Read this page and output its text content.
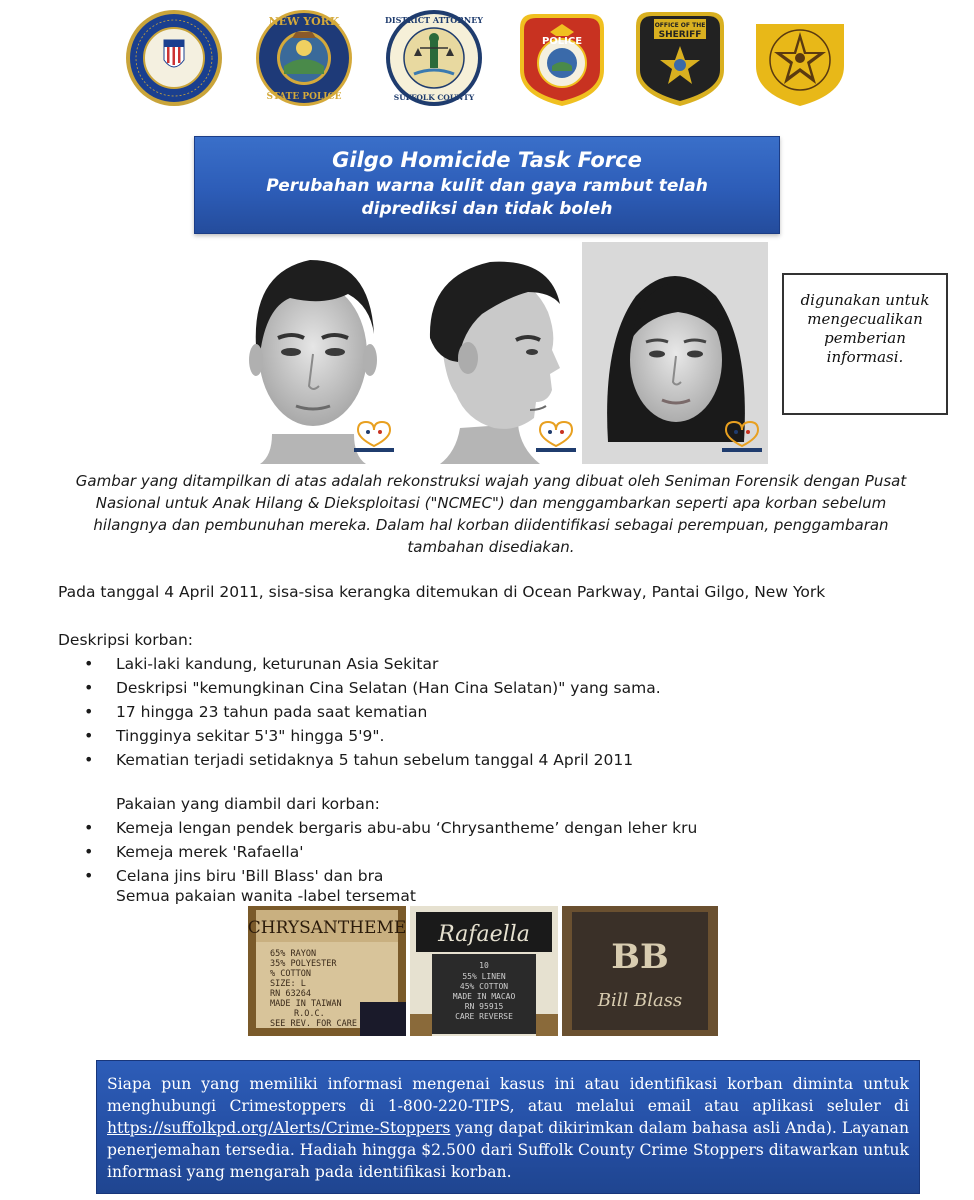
NEW YORK
STATE POLICE
DISTRICT ATTORNEY
SUFFOLK COUNTY
POLICE
OFFICE OF THE
SHERIFF
Gilgo Homicide Task Force
Perubahan warna kulit dan gaya rambut telah diprediksi dan tidak boleh
digunakan untuk mengecualikan pemberian informasi.
Gambar yang ditampilkan di atas adalah rekonstruksi wajah yang dibuat oleh Seniman Forensik dengan Pusat Nasional untuk Anak Hilang & Dieksploitasi ("NCMEC") dan menggambarkan seperti apa korban sebelum hilangnya dan pembunuhan mereka. Dalam hal korban diidentifikasi sebagai perempuan, penggambaran tambahan disediakan.
Pada tanggal 4 April 2011, sisa-sisa kerangka ditemukan di Ocean Parkway, Pantai Gilgo, New York
Deskripsi korban:
• Laki-laki kandung, keturunan Asia Sekitar
• Deskripsi "kemungkinan Cina Selatan (Han Cina Selatan)" yang sama.
• 17 hingga 23 tahun pada saat kematian
• Tingginya sekitar 5'3" hingga 5'9".
• Kematian terjadi setidaknya 5 tahun sebelum tanggal 4 April 2011
Pakaian yang diambil dari korban:
• Kemeja lengan pendek bergaris abu-abu ‘Chrysantheme’ dengan leher kru
• Kemeja merek 'Rafaella'
• Celana jins biru 'Bill Blass' dan bra
Semua pakaian wanita -label tersemat
CHRYSANTHEME
65% RAYON
35% POLYESTER
% COTTON
SIZE: L
RN 63264
MADE IN TAIWAN
R.O.C.
SEE REV. FOR CARE
Rafaella
10
55% LINEN
45% COTTON
MADE IN MACAO
RN 95915
CARE REVERSE
BB
Bill Blass
Siapa pun yang memiliki informasi mengenai kasus ini atau identifikasi korban diminta untuk menghubungi Crimestoppers di 1-800-220-TIPS, atau melalui email atau aplikasi seluler di https://suffolkpd.org/Alerts/Crime-Stoppers yang dapat dikirimkan dalam bahasa asli Anda). Layanan penerjemahan tersedia. Hadiah hingga $2.500 dari Suffolk County Crime Stoppers ditawarkan untuk informasi yang mengarah pada identifikasi korban.
